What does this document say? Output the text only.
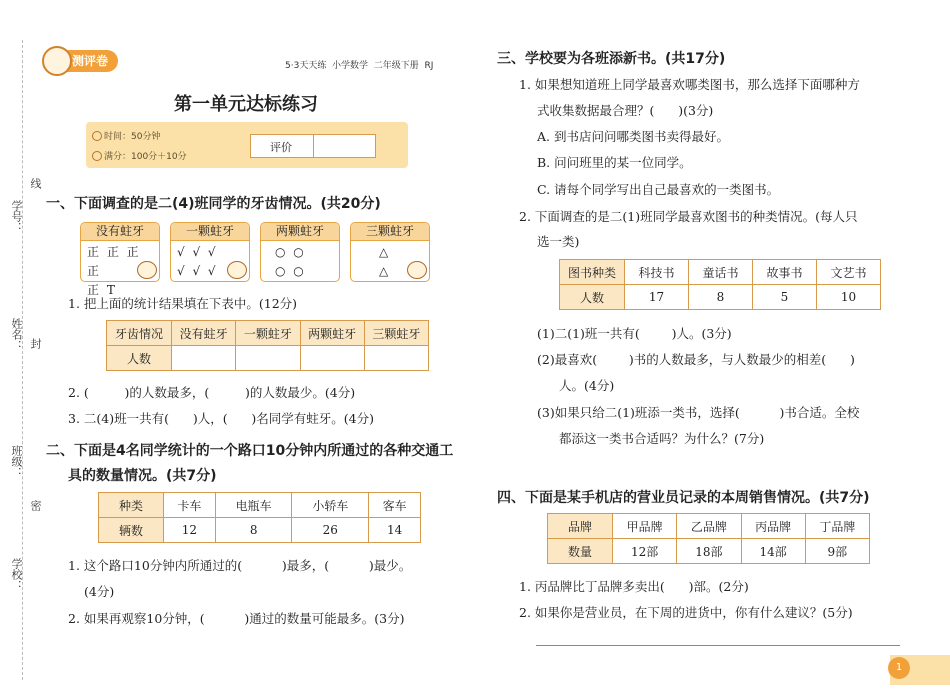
学号：
线
姓名： 封
班级：
密
学校：
测评卷	5·3天天练  小学数学  二年级下册  RJ
第一单元达标练习
时间：50分钟
满分：100分＋10分
评价
一、下面调查的是二(4)班同学的牙齿情况。(共20分)
没有蛀牙
正 正 正 正
正 T
一颗蛀牙
√ √ √
√ √ √
两颗蛀牙
○ ○
○ ○
三颗蛀牙
△
△
1. 把上面的统计结果填在下表中。(12分)
牙齿情况	没有蛀牙	一颗蛀牙	两颗蛀牙	三颗蛀牙
人数				
2. (         )的人数最多，(         )的人数最少。(4分)
3. 二(4)班一共有(      )人，(      )名同学有蛀牙。(4分)
二、下面是4名同学统计的一个路口10分钟内所通过的各种交通工
具的数量情况。(共7分)
种类	卡车	电瓶车	小轿车	客车
辆数	12	8	26	14
1. 这个路口10分钟内所通过的(          )最多，(          )最少。
(4分)
2. 如果再观察10分钟，(          )通过的数量可能最多。(3分)
三、学校要为各班添新书。(共17分)
1. 如果想知道班上同学最喜欢哪类图书，那么选择下面哪种方
式收集数据最合理？(      )(3分)
A. 到书店问问哪类图书卖得最好。
B. 问问班里的某一位同学。
C. 请每个同学写出自己最喜欢的一类图书。
2. 下面调查的是二(1)班同学最喜欢图书的种类情况。(每人只
选一类)
图书种类	科技书	童话书	故事书	文艺书
人数	17	8	5	10
(1)二(1)班一共有(        )人。(3分)
(2)最喜欢(        )书的人数最多，与人数最少的相差(      )
人。(4分)
(3)如果只给二(1)班添一类书，选择(          )书合适。全校
都添这一类书合适吗？为什么？(7分)
四、下面是某手机店的营业员记录的本周销售情况。(共7分)
品牌	甲品牌	乙品牌	丙品牌	丁品牌
数量	12部	18部	14部	9部
1. 丙品牌比丁品牌多卖出(      )部。(2分)
2. 如果你是营业员，在下周的进货中，你有什么建议？(5分)
1
